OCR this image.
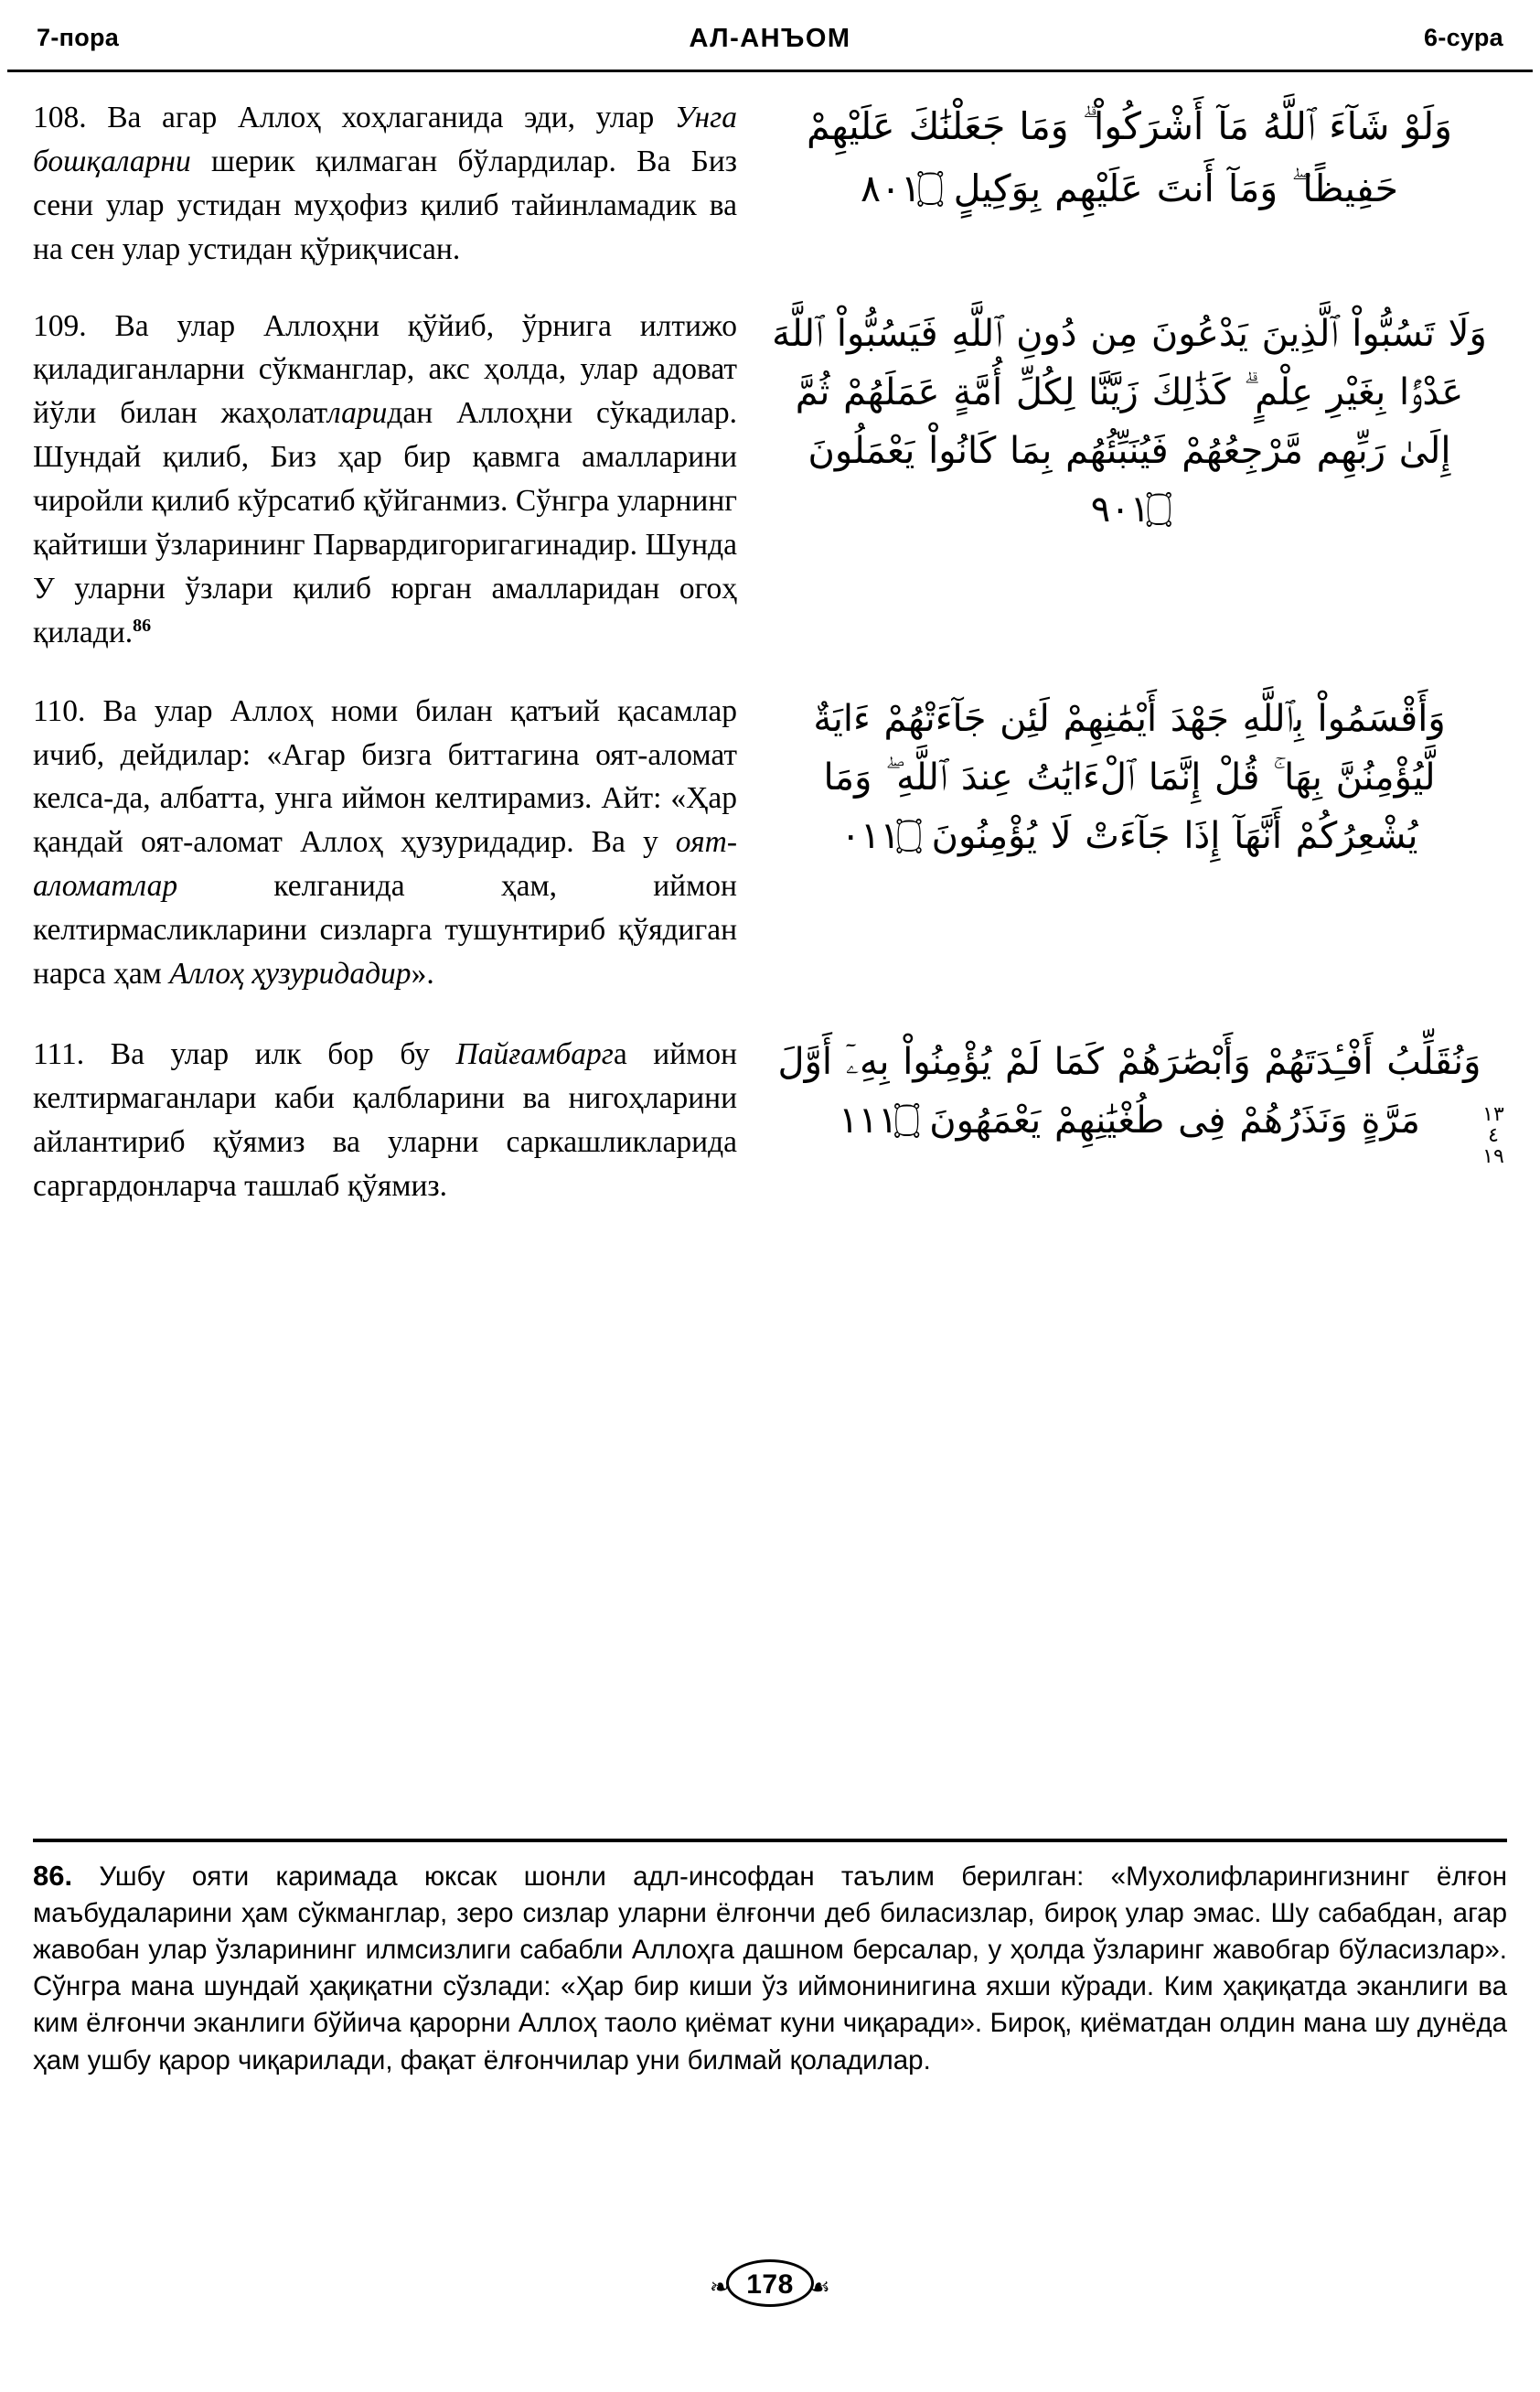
7-пора	АЛ-АНЪОМ	6-сура
108. Ва агар Аллоҳ хоҳлаганида эди, улар Унга бошқаларни шерик қилмаган бўлардилар. Ва Биз сени улар устидан муҳофиз қилиб тайинламадик ва на сен улар устидан қўриқчисан.
وَلَوْ شَآءَ ٱللَّهُ مَآ أَشْرَكُواْ ۗ وَمَا جَعَلْنَٰكَ عَلَيْهِمْ حَفِيظًا ۖ وَمَآ أَنتَ عَلَيْهِم بِوَكِيلٍ ۝١٠٨
109. Ва улар Аллоҳни қўйиб, ўрнига илтижо қиладиганларни сўкманглар, акс ҳолда, улар адоват йўли билан жаҳолатларидан Аллоҳни сўкадилар. Шундай қилиб, Биз ҳар бир қавмга амалларини чиройли қилиб кўрсатиб қўйганмиз. Сўнгра уларнинг қайтиши ўзларининг Парвардигоригагинадир. Шунда У уларни ўзлари қилиб юрган амалларидан огоҳ қилади.$^{86}$
وَلَا تَسُبُّواْ ٱلَّذِينَ يَدْعُونَ مِن دُونِ ٱللَّهِ فَيَسُبُّواْ ٱللَّهَ عَدْوًۢا بِغَيْرِ عِلْمٍ ۗ كَذَٰلِكَ زَيَّنَّا لِكُلِّ أُمَّةٍ عَمَلَهُمْ ثُمَّ إِلَىٰ رَبِّهِم مَّرْجِعُهُمْ فَيُنَبِّئُهُم بِمَا كَانُواْ يَعْمَلُونَ ۝١٠٩
110. Ва улар Аллоҳ номи билан қатъий қасамлар ичиб, дейдилар: «Агар бизга биттагина оят-аломат келса-да, албатта, унга иймон келтирамиз. Айт: «Ҳар қандай оят-аломат Аллоҳ ҳузуридадир. Ва у оят-аломатлар келганида ҳам, иймон келтирмасликларини сизларга тушунтириб қўядиган нарса ҳам Аллоҳ ҳузуридадир».
وَأَقْسَمُواْ بِٱللَّهِ جَهْدَ أَيْمَٰنِهِمْ لَئِن جَآءَتْهُمْ ءَايَةٌ لَّيُؤْمِنُنَّ بِهَا ۚ قُلْ إِنَّمَا ٱلْءَايَٰتُ عِندَ ٱللَّهِ ۖ وَمَا يُشْعِرُكُمْ أَنَّهَآ إِذَا جَآءَتْ لَا يُؤْمِنُونَ ۝١١٠
111. Ва улар илк бор бу Пайғамбарга иймон келтирмаганлари каби қалбларини ва нигоҳларини айлантириб қўямиз ва уларни саркашликларида саргардонларча ташлаб қўямиз.
وَنُقَلِّبُ أَفْـِٔدَتَهُمْ وَأَبْصَٰرَهُمْ كَمَا لَمْ يُؤْمِنُواْ بِهِۦٓ أَوَّلَ مَرَّةٍ وَنَذَرُهُمْ فِى طُغْيَٰنِهِمْ يَعْمَهُونَ ۝١١١	١٣ ٤ ١٩
86. Ушбу ояти каримада юксак шонли адл-инсофдан таълим берилган: «Мухолифларингизнинг ёлғон маъбудаларини ҳам сўкманглар, зеро сизлар уларни ёлғончи деб биласизлар, бироқ улар эмас. Шу сабабдан, агар жавобан улар ўзларининг илмсизлиги сабабли Аллоҳга дашном берсалар, у ҳолда ўзларинг жавобгар бўласизлар». Сўнгра мана шундай ҳақиқатни сўзлади: «Ҳар бир киши ўз иймонинигина яхши кўради. Ким ҳақиқатда эканлиги ва ким ёлғончи эканлиги бўйича қарорни Аллоҳ таоло қиёмат куни чиқаради». Бироқ, қиёматдан олдин мана шу дунёда ҳам ушбу қарор чиқарилади, фақат ёлғончилар уни билмай қоладилар.
❧ 178 ☙
